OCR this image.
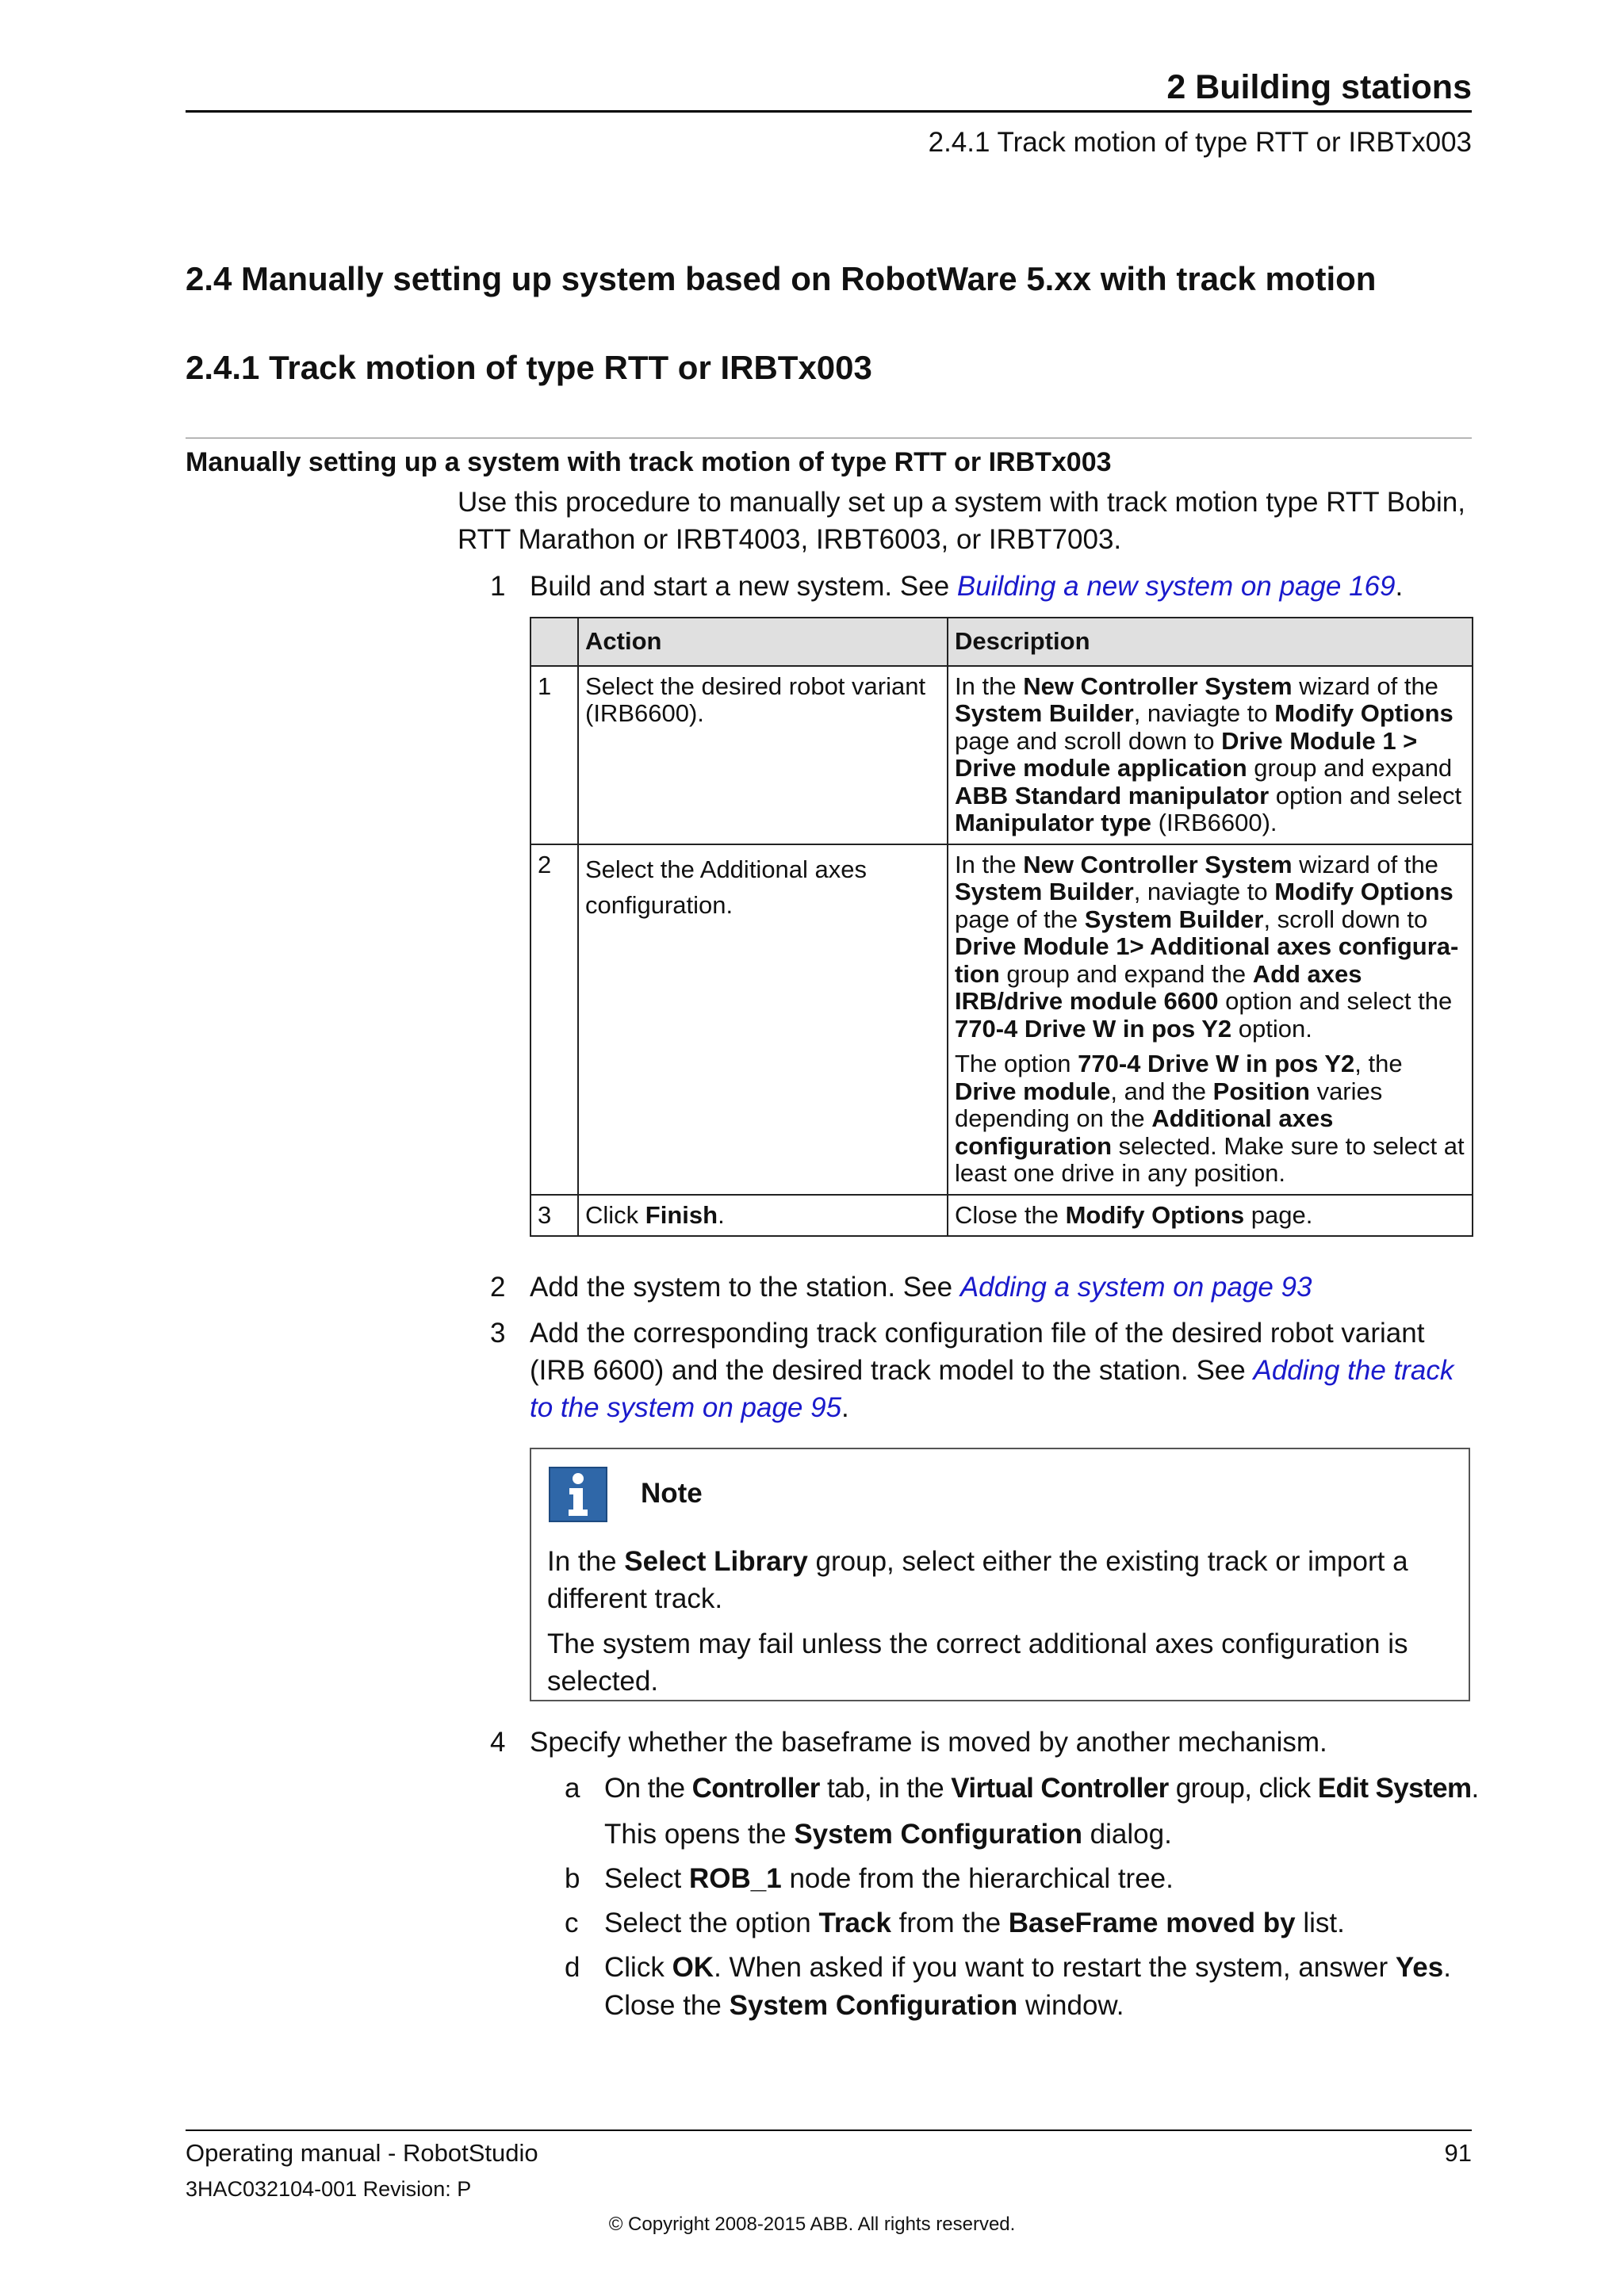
2 Building stations
2.4.1 Track motion of type RTT or IRBTx003
2.4 Manually setting up system based on RobotWare 5.xx with track motion
2.4.1 Track motion of type RTT or IRBTx003
Manually setting up a system with track motion of type RTT or IRBTx003
Use this procedure to manually set up a system with track motion type RTT Bobin, RTT Marathon or IRBT4003, IRBT6003, or IRBT7003.
1 Build and start a new system. See Building a new system on page 169.
	Action	Description
1	Select the desired robot variant (IRB6600).	In the New Controller System wizard of the System Builder, naviagte to Modify Options page and scroll down to Drive Module 1 > Drive module application group and expand ABB Standard manipulator option and select Manipulator type (IRB6600).

2	Select the Additional axes configuration.	In the New Controller System wizard of the System Builder, naviagte to Modify Options page of the System Builder, scroll down to Drive Module 1> Additional axes configura-tion group and expand the Add axes IRB/drive module 6600 option and select the 770-4 Drive W in pos Y2 option.

The option 770-4 Drive W in pos Y2, the Drive module, and the Position varies depending on the Additional axes configuration selected. Make sure to select at least one drive in any position.

3	Click Finish.	Close the Modify Options page.
2 Add the system to the station. See Adding a system on page 93
3 Add the corresponding track configuration file of the desired robot variant
(IRB 6600) and the desired track model to the station. See Adding the track
to the system on page 95.
Note
In the Select Library group, select either the existing track or import a different track.
The system may fail unless the correct additional axes configuration is selected.
4 Specify whether the baseframe is moved by another mechanism.
a On the Controller tab, in the Virtual Controller group, click Edit System.
This opens the System Configuration dialog.
b Select ROB_1 node from the hierarchical tree.
c Select the option Track from the BaseFrame moved by list.
d Click OK. When asked if you want to restart the system, answer Yes.
Close the System Configuration window.
Operating manual - RobotStudio	91
3HAC032104-001 Revision: P
© Copyright 2008-2015 ABB. All rights reserved.
